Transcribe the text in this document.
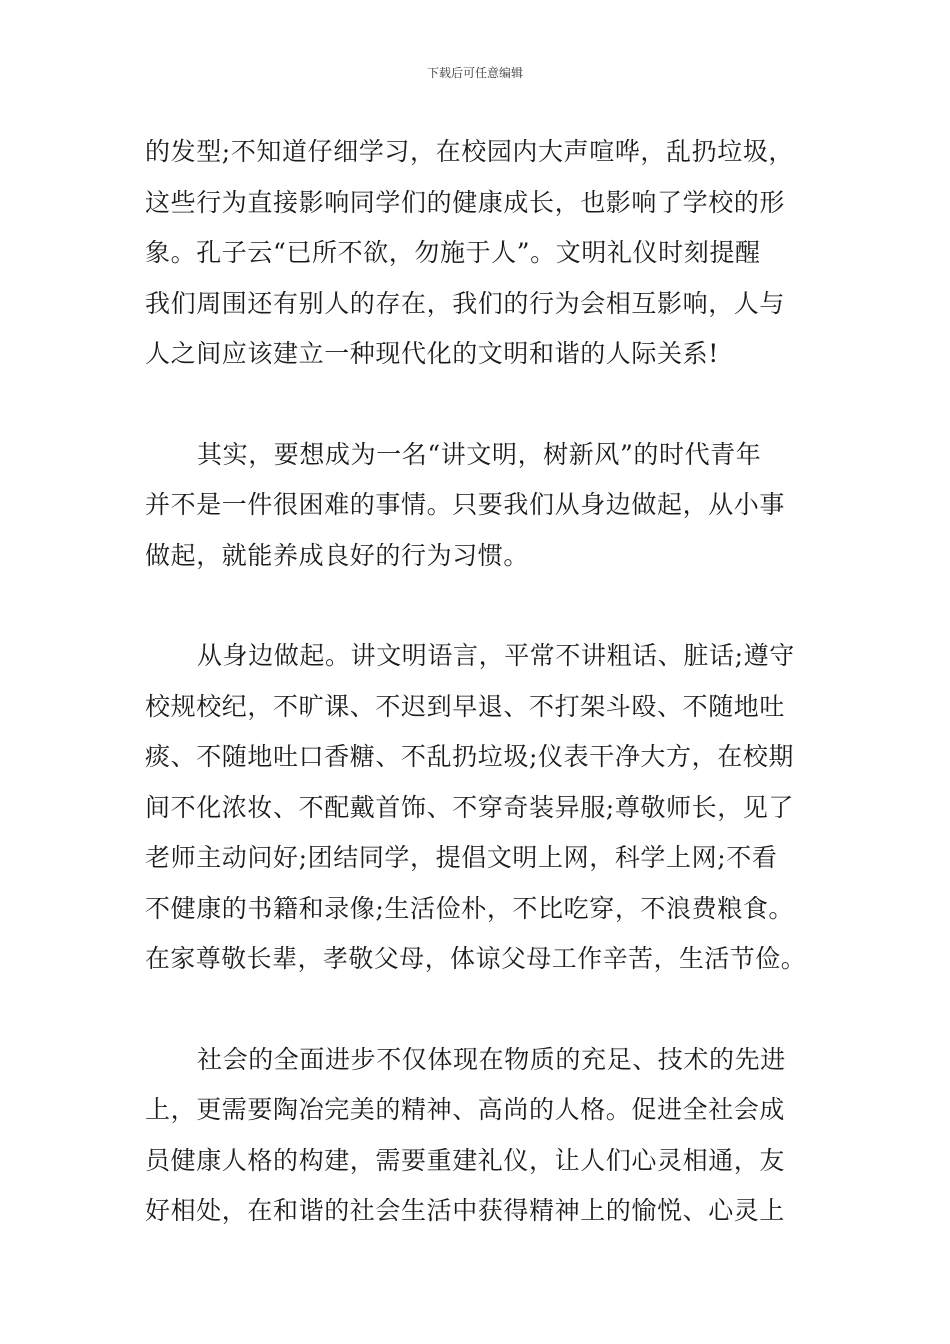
下载后可任意编辑

的发型;不知道仔细学习，在校园内大声喧哗，乱扔垃圾，
这些行为直接影响同学们的健康成长，也影响了学校的形
象。孔子云“已所不欲，勿施于人”。文明礼仪时刻提醒
我们周围还有别人的存在，我们的行为会相互影响，人与
人之间应该建立一种现代化的文明和谐的人际关系!

其实，要想成为一名“讲文明，树新风”的时代青年
并不是一件很困难的事情。只要我们从身边做起，从小事
做起，就能养成良好的行为习惯。

从身边做起。讲文明语言，平常不讲粗话、脏话;遵守
校规校纪，不旷课、不迟到早退、不打架斗殴、不随地吐
痰、不随地吐口香糖、不乱扔垃圾;仪表干净大方，在校期
间不化浓妆、不配戴首饰、不穿奇装异服;尊敬师长，见了
老师主动问好;团结同学，提倡文明上网，科学上网;不看
不健康的书籍和录像;生活俭朴，不比吃穿，不浪费粮食。
在家尊敬长辈，孝敬父母，体谅父母工作辛苦，生活节俭。

社会的全面进步不仅体现在物质的充足、技术的先进
上，更需要陶冶完美的精神、高尚的人格。促进全社会成
员健康人格的构建，需要重建礼仪，让人们心灵相通，友
好相处，在和谐的社会生活中获得精神上的愉悦、心灵上
